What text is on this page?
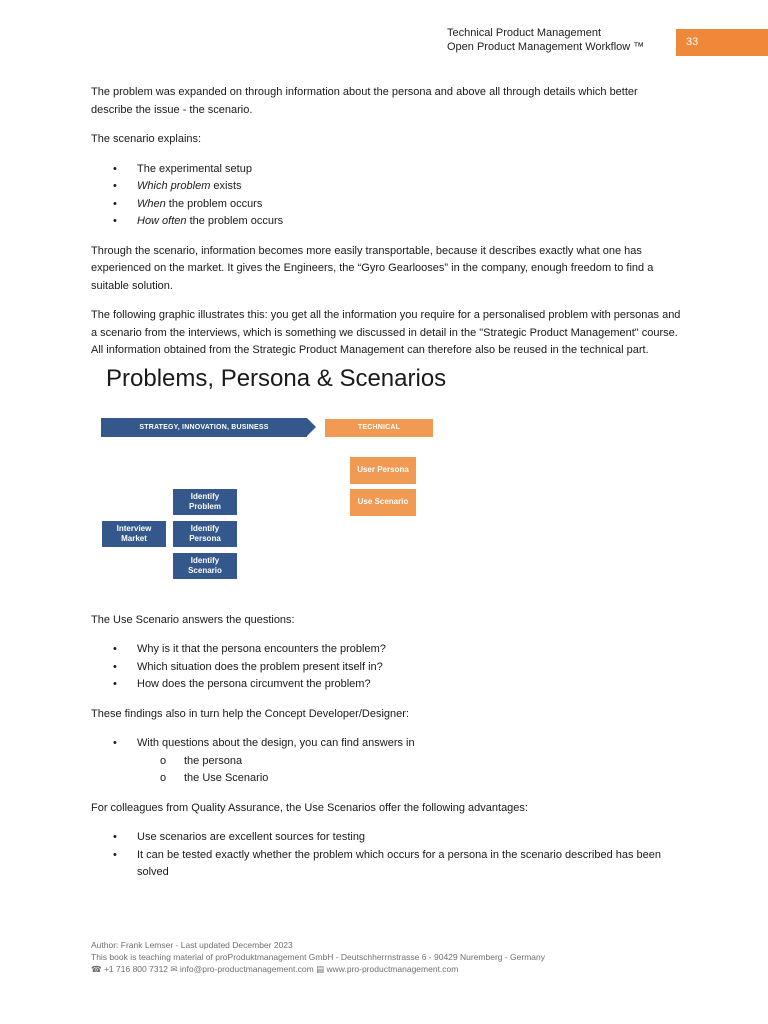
Technical Product Management
Open Product Management Workflow ™	33

The problem was expanded on through information about the persona and above all through details which better describe the issue - the scenario.

The scenario explains:

• The experimental setup
• Which problem exists
• When the problem occurs
• How often the problem occurs

Through the scenario, information becomes more easily transportable, because it describes exactly what one has experienced on the market. It gives the Engineers, the “Gyro Gearlooses” in the company, enough freedom to find a suitable solution.

The following graphic illustrates this: you get all the information you require for a personalised problem with personas and a scenario from the interviews, which is something we discussed in detail in the "Strategic Product Management" course.
All information obtained from the Strategic Product Management can therefore also be reused in the technical part.

Problems, Persona & Scenarios
STRATEGY, INNOVATION, BUSINESS	TECHNICAL
Interview
Market
Identify
Problem
Identify
Persona
Identify
Scenario
User Persona
Use Scenario

The Use Scenario answers the questions:

• Why is it that the persona encounters the problem?
• Which situation does the problem present itself in?
• How does the persona circumvent the problem?

These findings also in turn help the Concept Developer/Designer:

• With questions about the design, you can find answers in
o the persona
o the Use Scenario

For colleagues from Quality Assurance, the Use Scenarios offer the following advantages:

• Use scenarios are excellent sources for testing
• It can be tested exactly whether the problem which occurs for a persona in the scenario described has been solved
Author: Frank Lemser - Last updated December 2023
This book is teaching material of proProduktmanagement GmbH - Deutschherrnstrasse 6 - 90429 Nuremberg - Germany
☎ +1 716 800 7312 ✉ info@pro-productmanagement.com ▤ www.pro-productmanagement.com
